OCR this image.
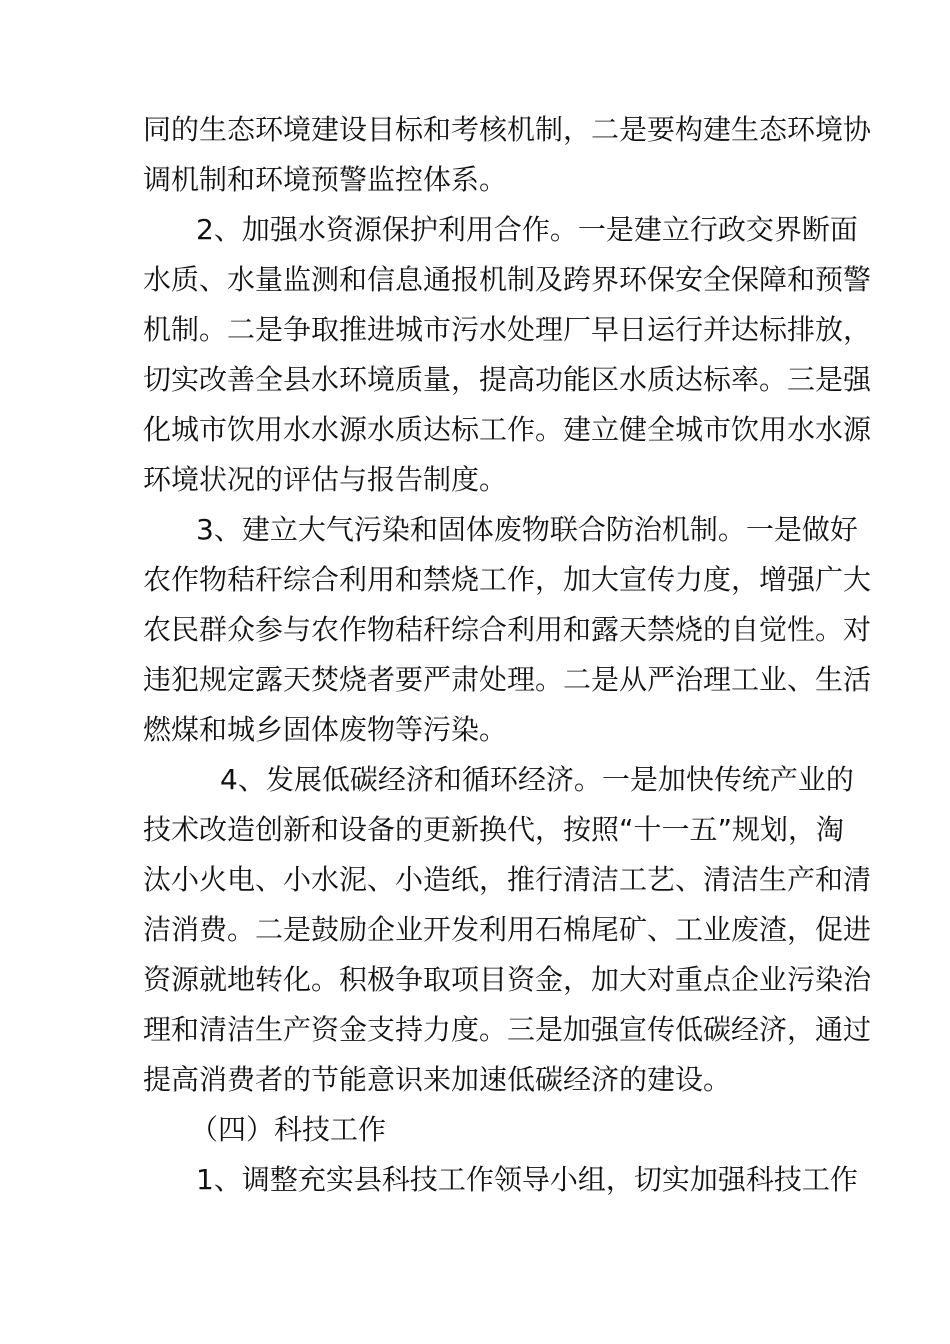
同的生态环境建设目标和考核机制，二是要构建生态环境协
调机制和环境预警监控体系。
2、加强水资源保护利用合作。一是建立行政交界断面
水质、水量监测和信息通报机制及跨界环保安全保障和预警
机制。二是争取推进城市污水处理厂早日运行并达标排放，
切实改善全县水环境质量，提高功能区水质达标率。三是强
化城市饮用水水源水质达标工作。建立健全城市饮用水水源
环境状况的评估与报告制度。
3、建立大气污染和固体废物联合防治机制。一是做好
农作物秸秆综合利用和禁烧工作，加大宣传力度，增强广大
农民群众参与农作物秸秆综合利用和露天禁烧的自觉性。对
违犯规定露天焚烧者要严肃处理。二是从严治理工业、生活
燃煤和城乡固体废物等污染。
4、发展低碳经济和循环经济。一是加快传统产业的
技术改造创新和设备的更新换代，按照“十一五”规划，淘
汰小火电、小水泥、小造纸，推行清洁工艺、清洁生产和清
洁消费。二是鼓励企业开发利用石棉尾矿、工业废渣，促进
资源就地转化。积极争取项目资金，加大对重点企业污染治
理和清洁生产资金支持力度。三是加强宣传低碳经济，通过
提高消费者的节能意识来加速低碳经济的建设。
（四）科技工作
1、调整充实县科技工作领导小组，切实加强科技工作
